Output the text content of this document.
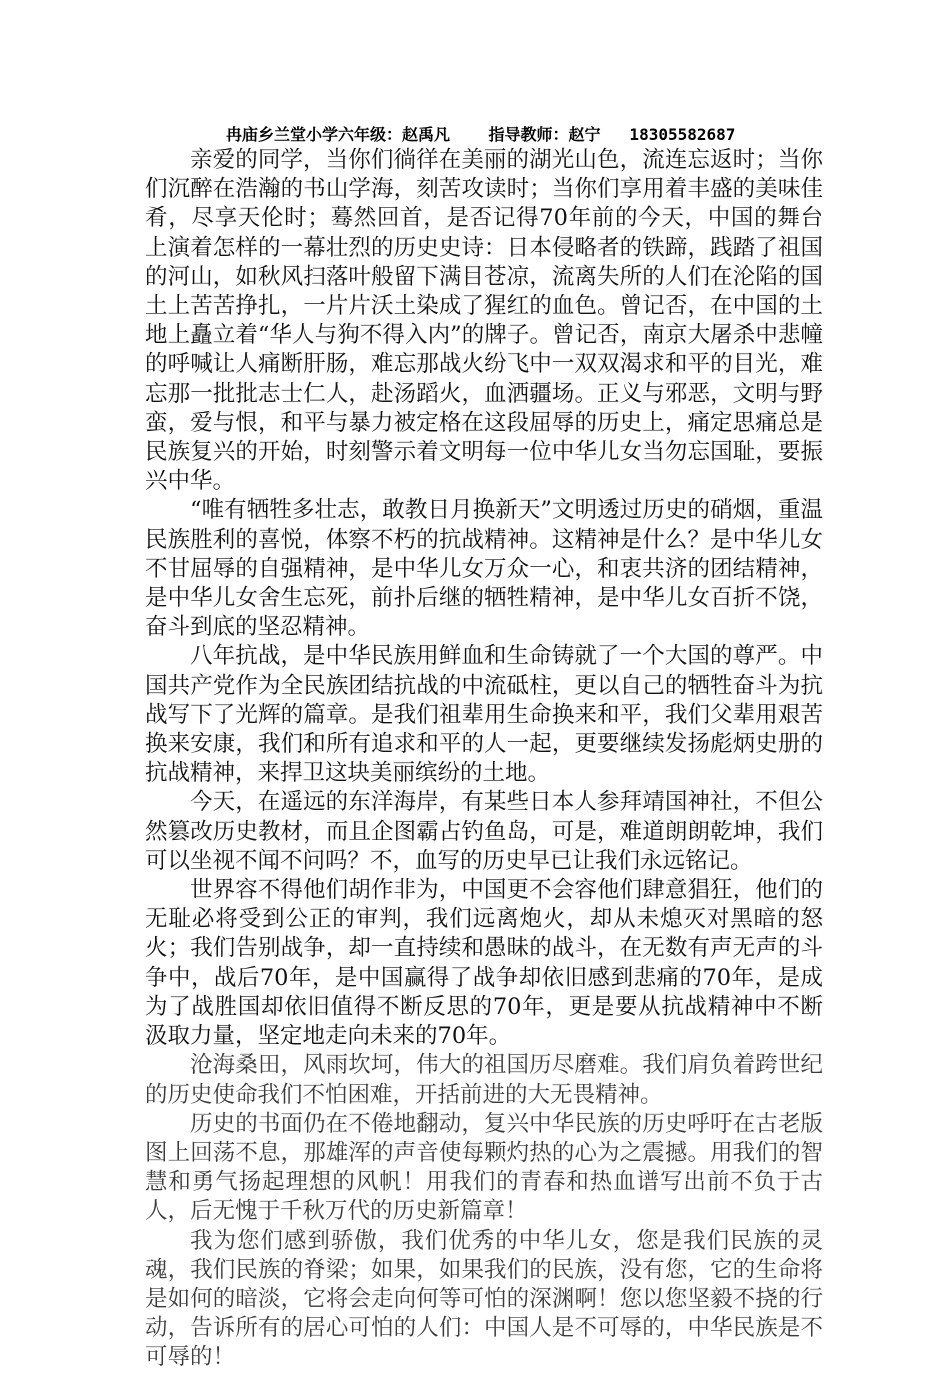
冉庙乡兰堂小学六年级：赵禹凡    指导教师：赵宁   18305582687

亲爱的同学，当你们徜徉在美丽的湖光山色，流连忘返时；当你们沉醉在浩瀚的书山学海，刻苦攻读时；当你们享用着丰盛的美味佳肴，尽享天伦时；蓦然回首，是否记得70年前的今天，中国的舞台上演着怎样的一幕壮烈的历史史诗：日本侵略者的铁蹄，践踏了祖国的河山，如秋风扫落叶般留下满目苍凉，流离失所的人们在沦陷的国土上苦苦挣扎，一片片沃土染成了猩红的血色。曾记否，在中国的土地上矗立着“华人与狗不得入内”的牌子。曾记否，南京大屠杀中悲幢的呼喊让人痛断肝肠，难忘那战火纷飞中一双双渴求和平的目光，难忘那一批批志士仁人，赴汤蹈火，血洒疆场。正义与邪恶，文明与野蛮，爱与恨，和平与暴力被定格在这段屈辱的历史上，痛定思痛总是民族复兴的开始，时刻警示着文明每一位中华儿女当勿忘国耻，要振兴中华。

“唯有牺牲多壮志，敢教日月换新天”文明透过历史的硝烟，重温民族胜利的喜悦，体察不朽的抗战精神。这精神是什么？是中华儿女不甘屈辱的自强精神，是中华儿女万众一心，和衷共济的团结精神，是中华儿女舍生忘死，前扑后继的牺牲精神，是中华儿女百折不饶，奋斗到底的坚忍精神。

八年抗战，是中华民族用鲜血和生命铸就了一个大国的尊严。中国共产党作为全民族团结抗战的中流砥柱，更以自己的牺牲奋斗为抗战写下了光辉的篇章。是我们祖辈用生命换来和平，我们父辈用艰苦换来安康，我们和所有追求和平的人一起，更要继续发扬彪炳史册的抗战精神，来捍卫这块美丽缤纷的土地。

今天，在遥远的东洋海岸，有某些日本人参拜靖国神社，不但公然篡改历史教材，而且企图霸占钓鱼岛，可是，难道朗朗乾坤，我们可以坐视不闻不问吗？不，血写的历史早已让我们永远铭记。

世界容不得他们胡作非为，中国更不会容他们肆意猖狂，他们的无耻必将受到公正的审判，我们远离炮火，却从未熄灭对黑暗的怒火；我们告别战争，却一直持续和愚昧的战斗，在无数有声无声的斗争中，战后70年，是中国赢得了战争却依旧感到悲痛的70年，是成为了战胜国却依旧值得不断反思的70年，更是要从抗战精神中不断汲取力量，坚定地走向未来的70年。

沧海桑田，风雨坎坷，伟大的祖国历尽磨难。我们肩负着跨世纪的历史使命我们不怕困难，开括前进的大无畏精神。

历史的书面仍在不倦地翻动，复兴中华民族的历史呼吁在古老版图上回荡不息，那雄浑的声音使每颗灼热的心为之震撼。用我们的智慧和勇气扬起理想的风帆！用我们的青春和热血谱写出前不负于古人，后无愧于千秋万代的历史新篇章！

我为您们感到骄傲，我们优秀的中华儿女，您是我们民族的灵魂，我们民族的脊梁；如果，如果我们的民族，没有您，它的生命将是如何的暗淡，它将会走向何等可怕的深渊啊！您以您坚毅不挠的行动，告诉所有的居心可怕的人们：中国人是不可辱的，中华民族是不可辱的！
